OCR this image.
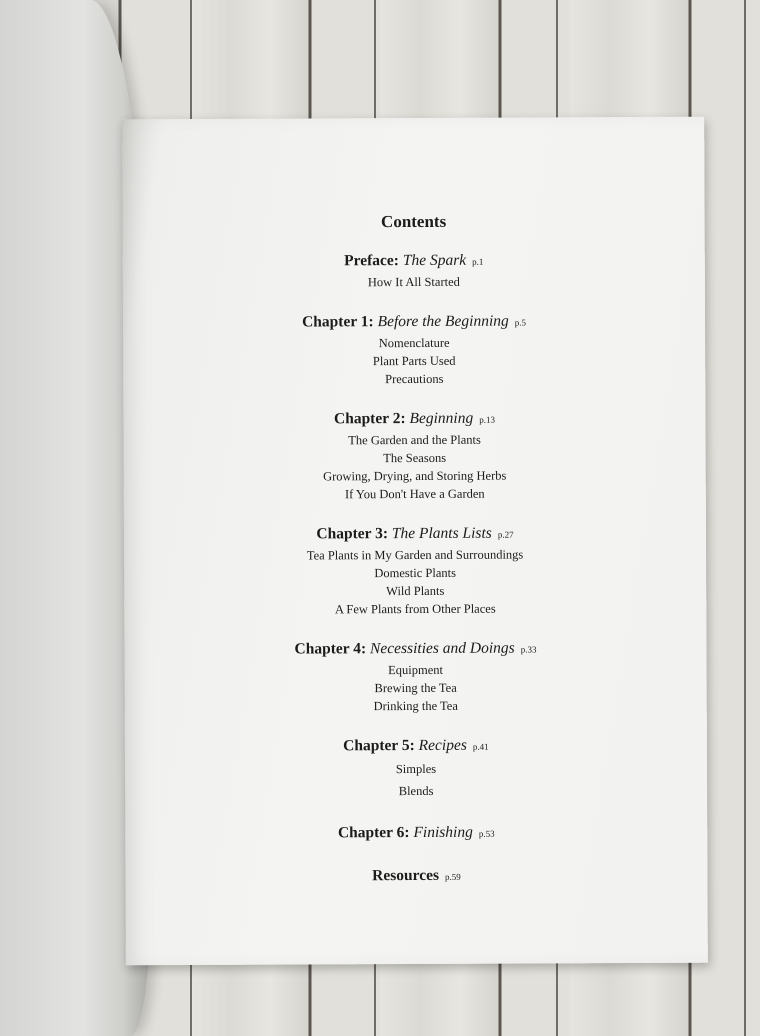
Contents
Preface: The Spark p.1
How It All Started
Chapter 1: Before the Beginning p.5
Nomenclature
Plant Parts Used
Precautions
Chapter 2: Beginning p.13
The Garden and the Plants
The Seasons
Growing, Drying, and Storing Herbs
If You Don't Have a Garden
Chapter 3: The Plants Lists p.27
Tea Plants in My Garden and Surroundings
Domestic Plants
Wild Plants
A Few Plants from Other Places
Chapter 4: Necessities and Doings p.33
Equipment
Brewing the Tea
Drinking the Tea
Chapter 5: Recipes p.41
Simples
Blends
Chapter 6: Finishing p.53
Resources p.59
